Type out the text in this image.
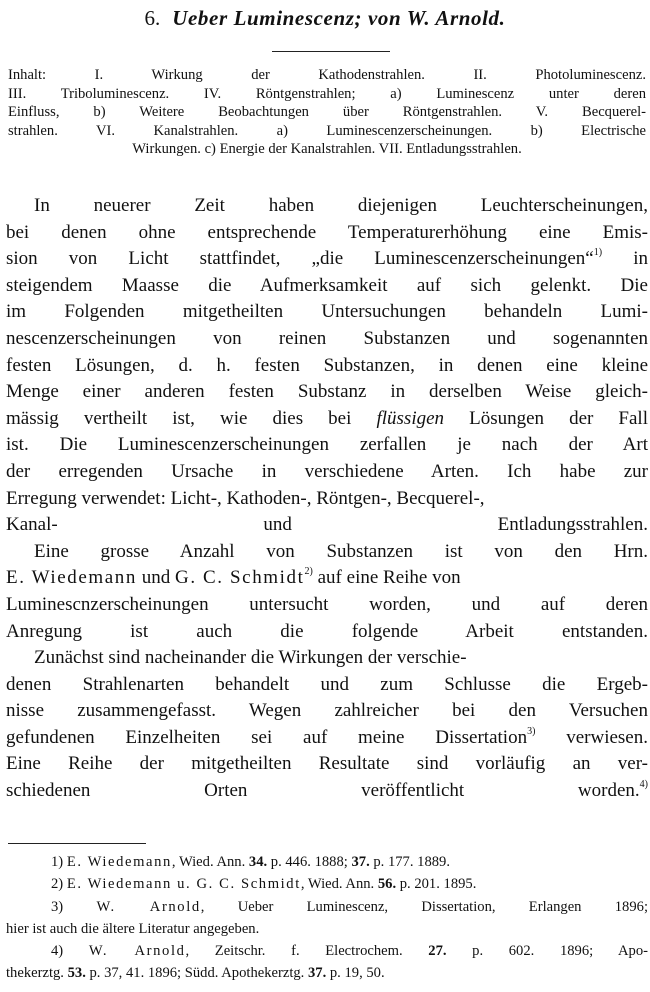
6. Ueber Luminescenz; von W. Arnold.
Inhalt: I. Wirkung der Kathodenstrahlen. II. Photoluminescenz.
III. Triboluminescenz. IV. Röntgenstrahlen; a) Luminescenz unter deren
Einfluss, b) Weitere Beobachtungen über Röntgenstrahlen. V. Becquerel-
strahlen. VI. Kanalstrahlen. a) Luminescenzerscheinungen. b) Electrische
Wirkungen. c) Energie der Kanalstrahlen. VII. Entladungsstrahlen.
In neuerer Zeit haben diejenigen Leuchterscheinungen,
bei denen ohne entsprechende Temperaturerhöhung eine Emis-
sion von Licht stattfindet, „die Luminescenzerscheinungen“$^{1)}$ in
steigendem Maasse die Aufmerksamkeit auf sich gelenkt. Die
im Folgenden mitgetheilten Untersuchungen behandeln Lumi-
nescenzerscheinungen von reinen Substanzen und sogenannten
festen Lösungen, d. h. festen Substanzen, in denen eine kleine
Menge einer anderen festen Substanz in derselben Weise gleich-
mässig vertheilt ist, wie dies bei flüssigen Lösungen der Fall
ist. Die Luminescenzerscheinungen zerfallen je nach der Art
der erregenden Ursache in verschiedene Arten. Ich habe zur
Erregung verwendet: Licht-, Kathoden-, Röntgen-, Becquerel-,
Kanal- und Entladungsstrahlen.
Eine grosse Anzahl von Substanzen ist von den Hrn.
E. Wiedemann und G. C. Schmidt$^{2)}$ auf eine Reihe von
Luminescnzerscheinungen untersucht worden, und auf deren
Anregung ist auch die folgende Arbeit entstanden.
Zunächst sind nacheinander die Wirkungen der verschie-
denen Strahlenarten behandelt und zum Schlusse die Ergeb-
nisse zusammengefasst. Wegen zahlreicher bei den Versuchen
gefundenen Einzelheiten sei auf meine Dissertation$^{3)}$ verwiesen.
Eine Reihe der mitgetheilten Resultate sind vorläufig an ver-
schiedenen Orten veröffentlicht worden.$^{4)}$
1) E. Wiedemann, Wied. Ann. 34. p. 446. 1888; 37. p. 177. 1889.
2) E. Wiedemann u. G. C. Schmidt, Wied. Ann. 56. p. 201. 1895.
3) W. Arnold, Ueber Luminescenz, Dissertation, Erlangen 1896;
hier ist auch die ältere Literatur angegeben.
4) W. Arnold, Zeitschr. f. Electrochem. 27. p. 602. 1896; Apo-
thekerztg. 53. p. 37, 41. 1896; Südd. Apothekerztg. 37. p. 19, 50.
